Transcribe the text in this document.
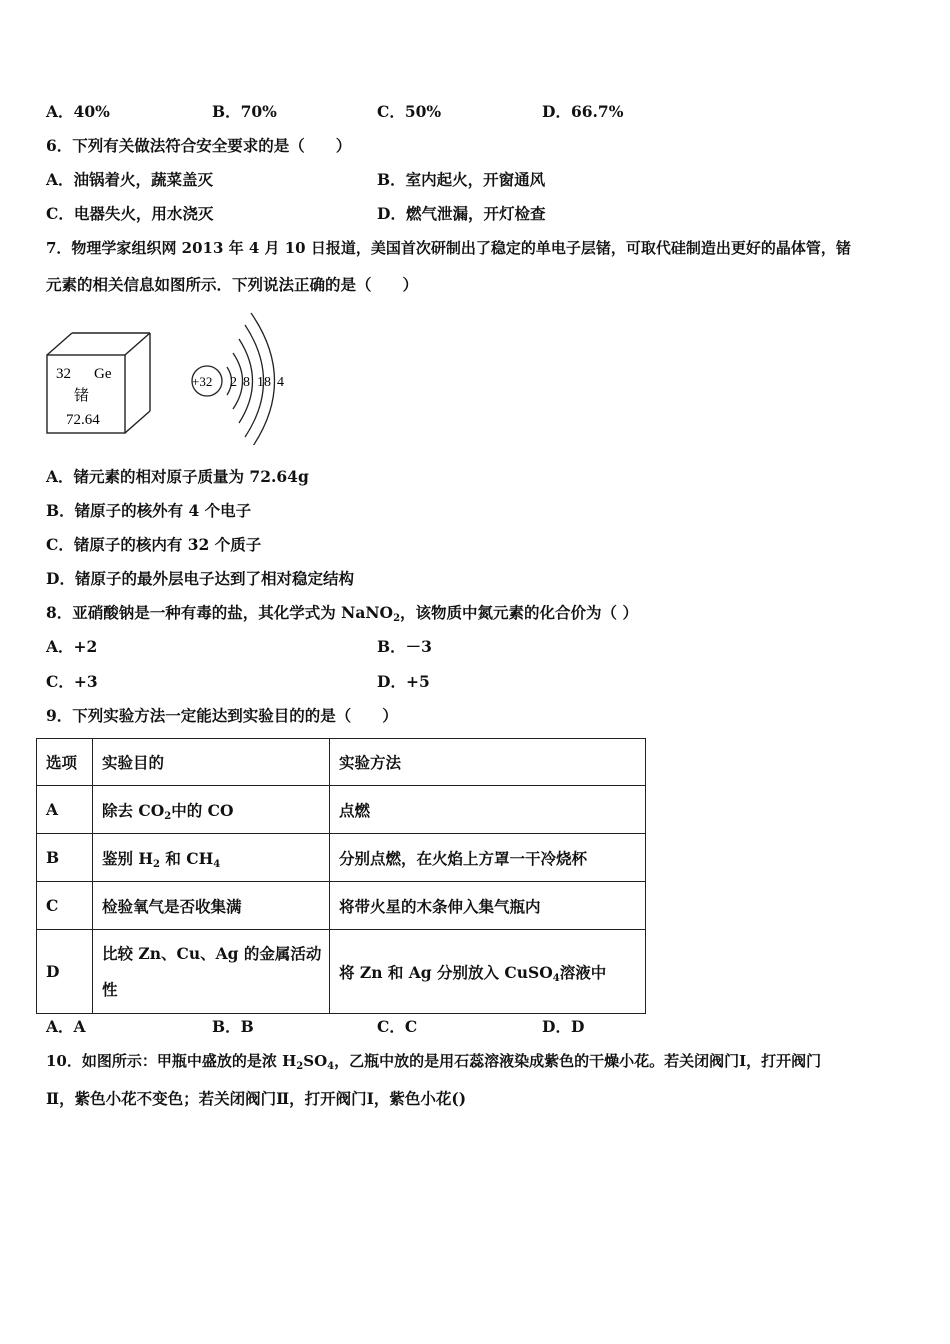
A．40%	B．70%	C．50%	D．66.7%
6．下列有关做法符合安全要求的是（　　）
A．油锅着火，蔬菜盖灭	B．室内起火，开窗通风
C．电器失火，用水浇灭	D．燃气泄漏，开灯检查
7．物理学家组织网 2013 年 4 月 10 日报道，美国首次研制出了稳定的单电子层锗，可取代硅制造出更好的晶体管，锗
元素的相关信息如图所示．下列说法正确的是（　　）
32 Ge
锗
72.64
+32 2 8 18 4
A．锗元素的相对原子质量为 72.64g
B．锗原子的核外有 4 个电子
C．锗原子的核内有 32 个质子
D．锗原子的最外层电子达到了相对稳定结构
8．亚硝酸钠是一种有毒的盐，其化学式为 NaNO$_2$，该物质中氮元素的化合价为（ ）
A．+2	B．－3
C．+3	D．+5
9．下列实验方法一定能达到实验目的的是（　　）
选项	实验目的	实验方法
A	除去 $CO_2$中的 CO	点燃
B	鉴别 $H_2$ 和 $CH_4$	分别点燃，在火焰上方罩一干冷烧杯
C	检验氧气是否收集满	将带火星的木条伸入集气瓶内
D	比较 Zn、Cu、Ag 的金属活动
性	将 Zn 和 Ag 分别放入 CuSO$_4$溶液中
A．A	B．B	C．C	D．D
10．如图所示：甲瓶中盛放的是浓 $H_2SO_4$，乙瓶中放的是用石蕊溶液染成紫色的干燥小花。若关闭阀门Ⅰ，打开阀门
Ⅱ，紫色小花不变色；若关闭阀门Ⅱ，打开阀门Ⅰ，紫色小花()
